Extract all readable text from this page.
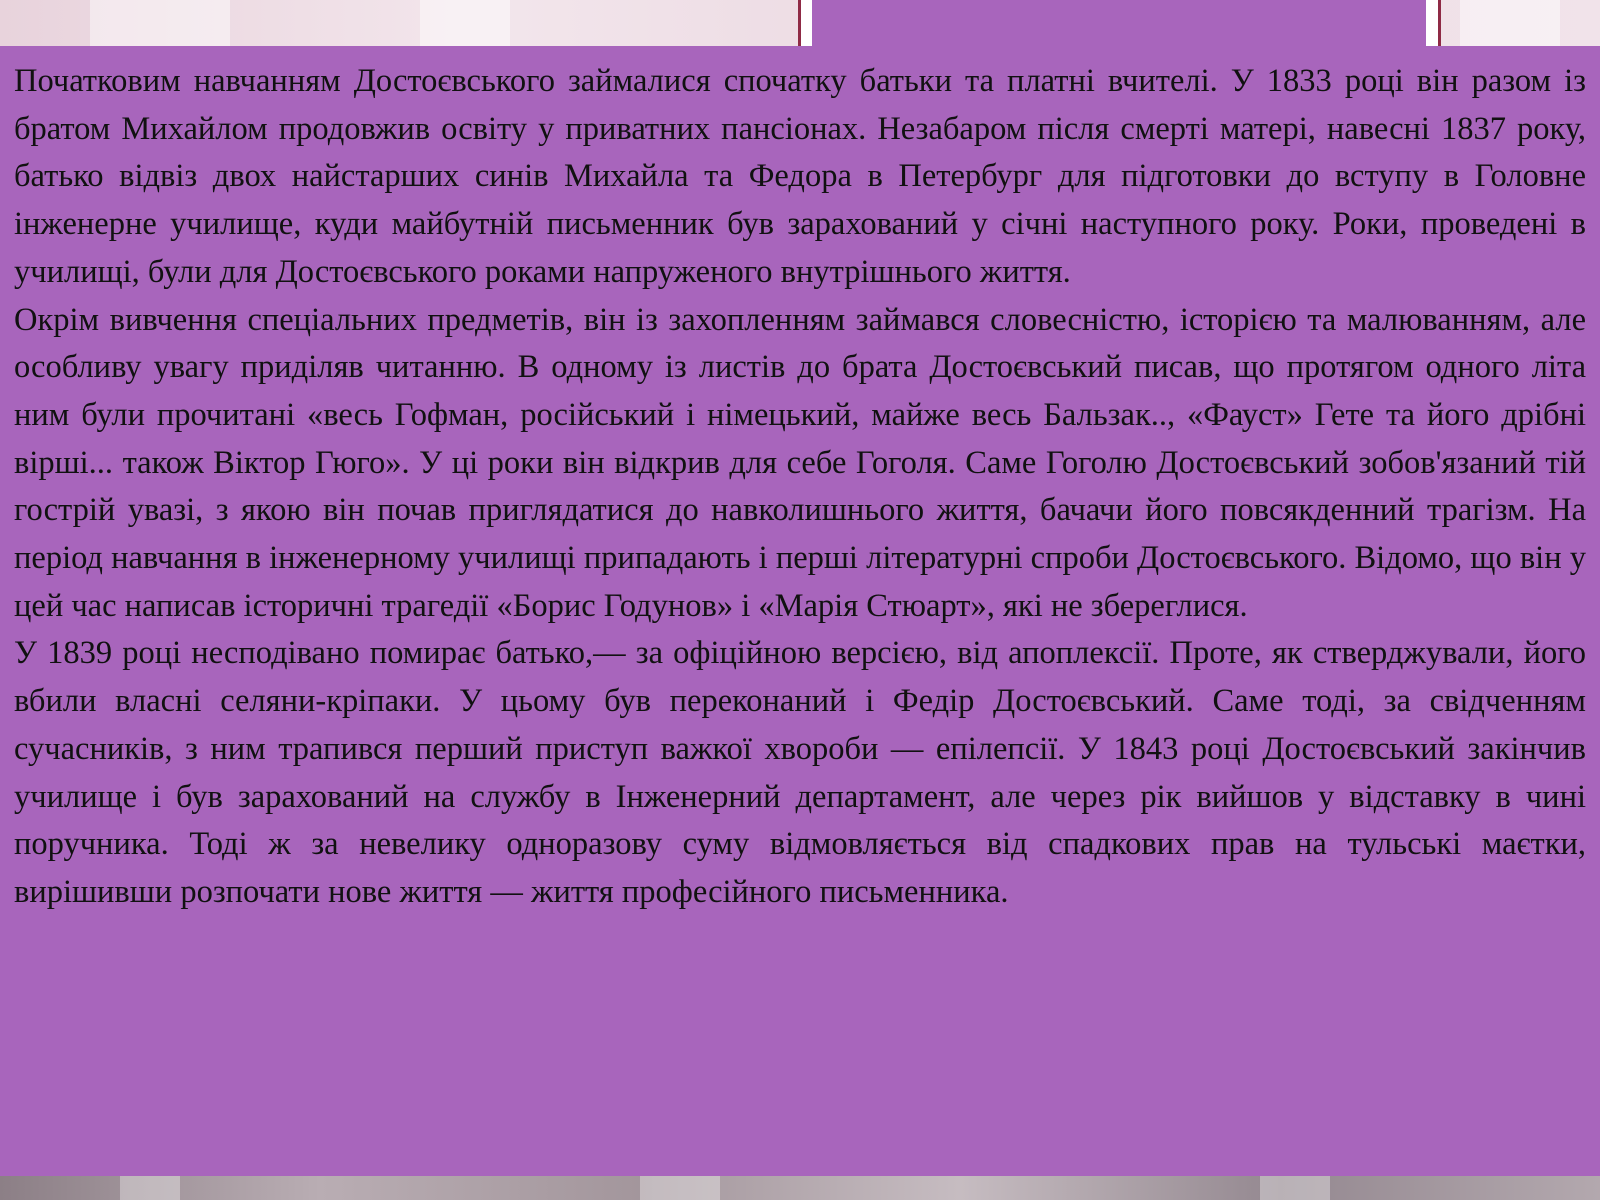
Початковим навчанням Достоєвського займалися спочатку батьки та платні вчителі. У 1833 році він разом із братом Михайлом продовжив освіту у приватних пансіонах. Незабаром після смерті матері, навесні 1837 року, батько відвіз двох найстарших синів Михайла та Федора в Петербург для підготовки до вступу в Головне інженерне училище, куди майбутній письменник був зарахований у січні наступного року. Роки, проведені в училищі, були для Достоєвського роками напруженого внутрішнього життя.

Окрім вивчення спеціальних предметів, він із захопленням займався словесністю, історією та малюванням, але особливу увагу приділяв читанню. В одному із листів до брата Достоєвський писав, що протягом одного літа ним були прочитані «весь Гофман, російський і німецький, майже весь Бальзак.., «Фауст» Гете та його дрібні вірші... також Віктор Гюго». У ці роки він відкрив для себе Гоголя. Саме Гоголю Достоєвський зобов'язаний тій гострій увазі, з якою він почав приглядатися до навколишнього життя, бачачи його повсякденний трагізм. На період навчання в інженерному училищі припадають і перші літературні спроби Достоєвського. Відомо, що він у цей час написав історичні трагедії «Борис Годунов» і «Марія Стюарт», які не збереглися.

У 1839 році несподівано помирає батько,— за офіційною версією, від апоплексії. Проте, як стверджували, його вбили власні селяни-кріпаки. У цьому був переконаний і Федір Достоєвський. Саме тоді, за свідченням сучасників, з ним трапився перший приступ важкої хвороби — епілепсії. У 1843 році Достоєвський закінчив училище і був зарахований на службу в Інженерний департамент, але через рік вийшов у відставку в чині поручника. Тоді ж за невелику одноразову суму відмовляється від спадкових прав на тульські маєтки, вирішивши розпочати нове життя — життя професійного письменника.
